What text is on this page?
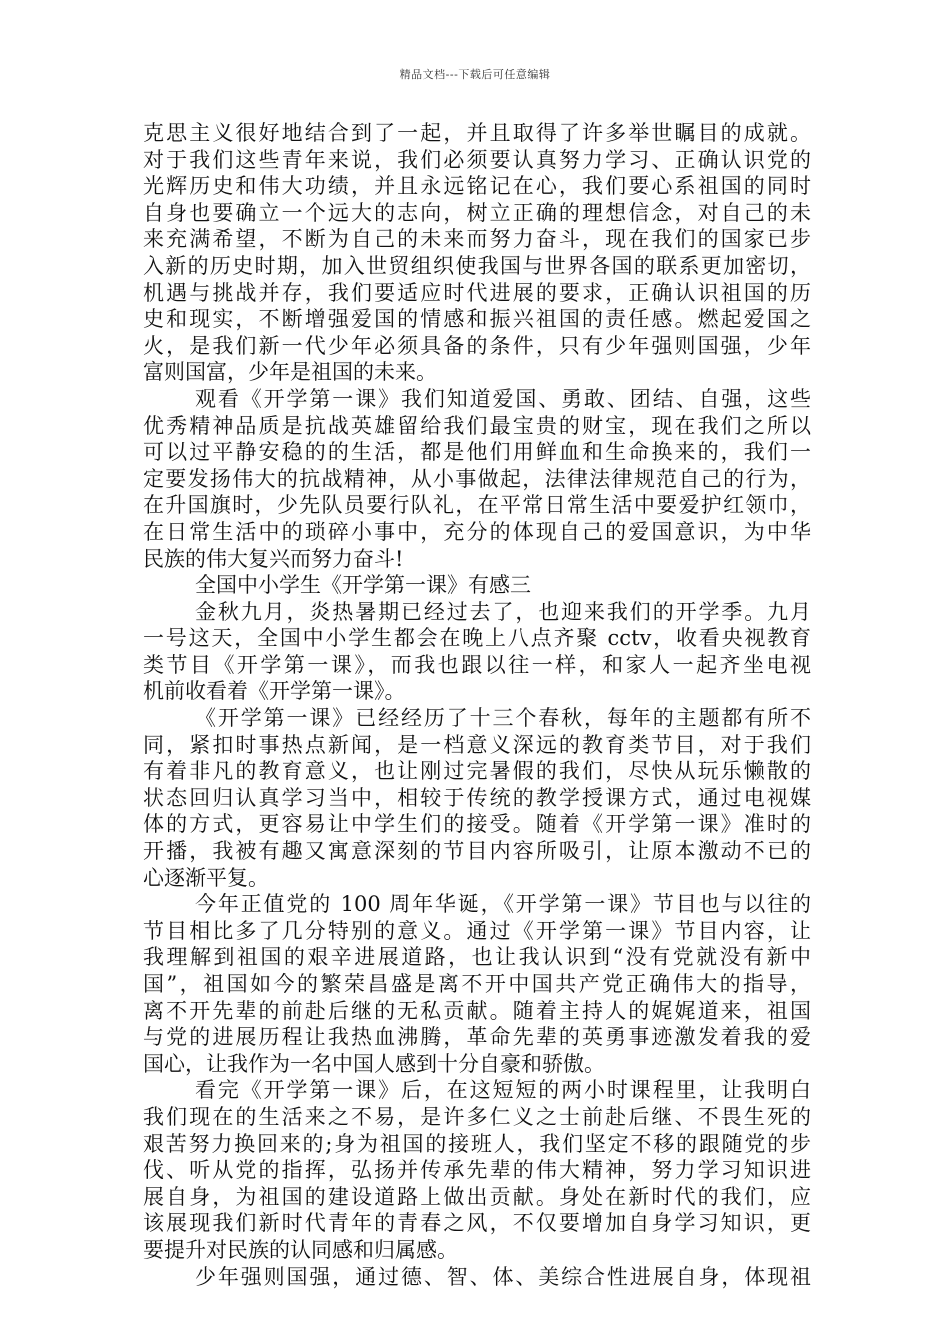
精品文档---下载后可任意编辑
克思主义很好地结合到了一起，并且取得了许多举世瞩目的成就。
对于我们这些青年来说，我们必须要认真努力学习、正确认识党的
光辉历史和伟大功绩，并且永远铭记在心，我们要心系祖国的同时
自身也要确立一个远大的志向，树立正确的理想信念，对自己的未
来充满希望，不断为自己的未来而努力奋斗，现在我们的国家已步
入新的历史时期，加入世贸组织使我国与世界各国的联系更加密切，
机遇与挑战并存，我们要适应时代进展的要求，正确认识祖国的历
史和现实，不断增强爱国的情感和振兴祖国的责任感。燃起爱国之
火，是我们新一代少年必须具备的条件，只有少年强则国强，少年
富则国富，少年是祖国的未来。
观看《开学第一课》我们知道爱国、勇敢、团结、自强，这些
优秀精神品质是抗战英雄留给我们最宝贵的财宝，现在我们之所以
可以过平静安稳的的生活，都是他们用鲜血和生命换来的，我们一
定要发扬伟大的抗战精神，从小事做起，法律法律规范自己的行为，
在升国旗时，少先队员要行队礼，在平常日常生活中要爱护红领巾，
在日常生活中的琐碎小事中，充分的体现自己的爱国意识，为中华
民族的伟大复兴而努力奋斗!
全国中小学生《开学第一课》有感三
金秋九月，炎热暑期已经过去了，也迎来我们的开学季。九月
一号这天，全国中小学生都会在晚上八点齐聚 cctv，收看央视教育
类节目《开学第一课》，而我也跟以往一样，和家人一起齐坐电视
机前收看着《开学第一课》。
《开学第一课》已经经历了十三个春秋，每年的主题都有所不
同，紧扣时事热点新闻，是一档意义深远的教育类节目，对于我们
有着非凡的教育意义，也让刚过完暑假的我们，尽快从玩乐懒散的
状态回归认真学习当中，相较于传统的教学授课方式，通过电视媒
体的方式，更容易让中学生们的接受。随着《开学第一课》准时的
开播，我被有趣又寓意深刻的节目内容所吸引，让原本激动不已的
心逐渐平复。
今年正值党的 100 周年华诞，《开学第一课》节目也与以往的
节目相比多了几分特别的意义。通过《开学第一课》节目内容，让
我理解到祖国的艰辛进展道路，也让我认识到“没有党就没有新中
国”，祖国如今的繁荣昌盛是离不开中国共产党正确伟大的指导，
离不开先辈的前赴后继的无私贡献。随着主持人的娓娓道来，祖国
与党的进展历程让我热血沸腾，革命先辈的英勇事迹激发着我的爱
国心，让我作为一名中国人感到十分自豪和骄傲。
看完《开学第一课》后，在这短短的两小时课程里，让我明白
我们现在的生活来之不易，是许多仁义之士前赴后继、不畏生死的
艰苦努力换回来的;身为祖国的接班人，我们坚定不移的跟随党的步
伐、听从党的指挥，弘扬并传承先辈的伟大精神，努力学习知识进
展自身，为祖国的建设道路上做出贡献。身处在新时代的我们，应
该展现我们新时代青年的青春之风，不仅要增加自身学习知识，更
要提升对民族的认同感和归属感。
少年强则国强，通过德、智、体、美综合性进展自身，体现祖
